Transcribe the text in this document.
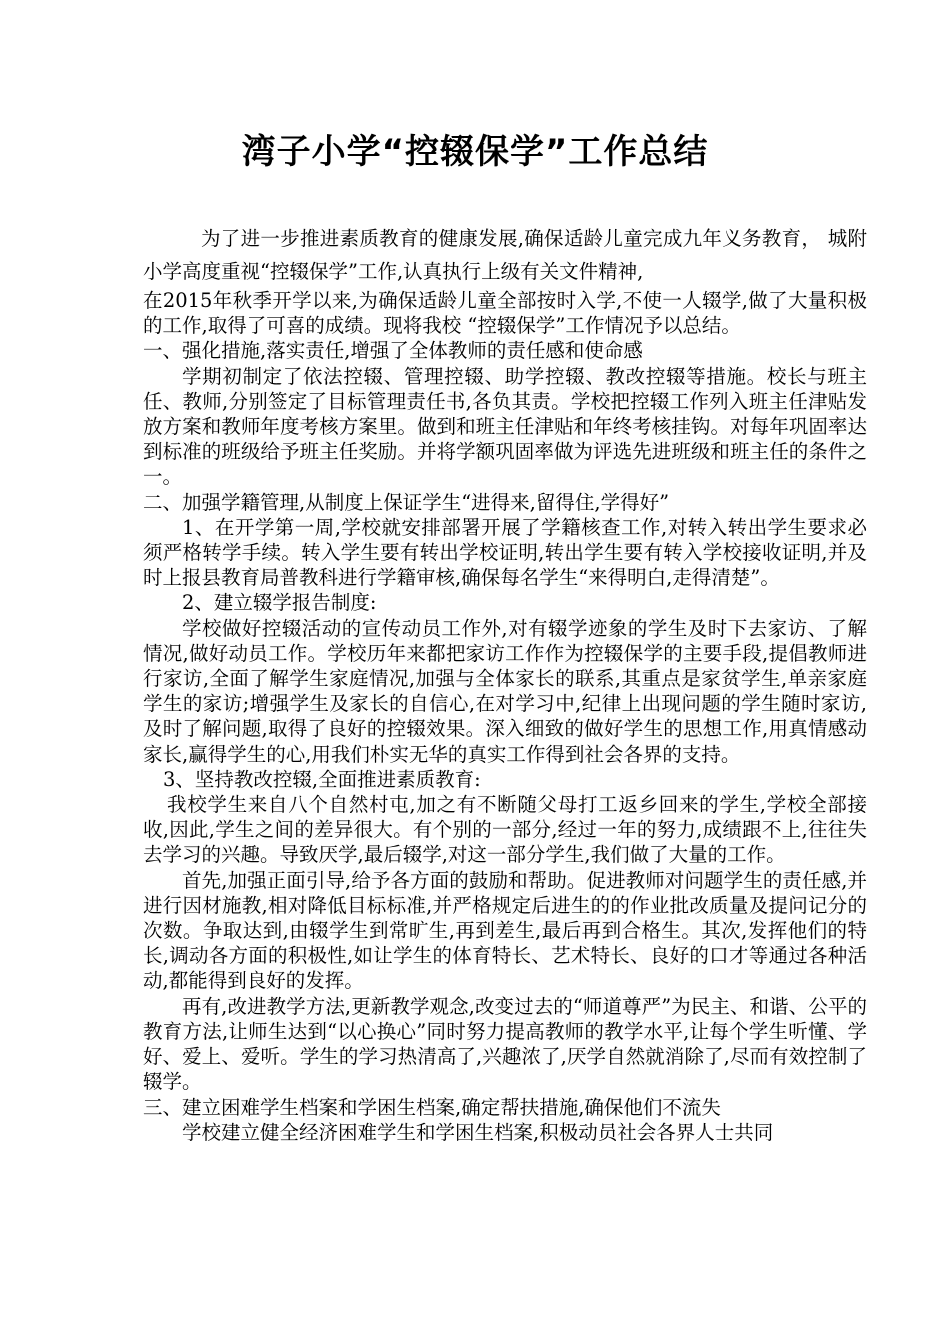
湾子小学“控辍保学”工作总结

为了进一步推进素质教育的健康发展,确保适龄儿童完成九年义务教育， 城附小学高度重视“控辍保学”工作,认真执行上级有关文件精神,

在2015年秋季开学以来,为确保适龄儿童全部按时入学,不使一人辍学,做了大量积极的工作,取得了可喜的成绩。现将我校 “控辍保学”工作情况予以总结。

一、强化措施,落实责任,增强了全体教师的责任感和使命感

学期初制定了依法控辍、管理控辍、助学控辍、教改控辍等措施。校长与班主任、教师,分别签定了目标管理责任书,各负其责。学校把控辍工作列入班主任津贴发放方案和教师年度考核方案里。做到和班主任津贴和年终考核挂钩。对每年巩固率达到标准的班级给予班主任奖励。并将学额巩固率做为评选先进班级和班主任的条件之一。

二、加强学籍管理,从制度上保证学生“进得来,留得住,学得好”

1、在开学第一周,学校就安排部署开展了学籍核查工作,对转入转出学生要求必须严格转学手续。转入学生要有转出学校证明,转出学生要有转入学校接收证明,并及时上报县教育局普教科进行学籍审核,确保每名学生“来得明白,走得清楚”。

2、建立辍学报告制度:

学校做好控辍活动的宣传动员工作外,对有辍学迹象的学生及时下去家访、了解情况,做好动员工作。学校历年来都把家访工作作为控辍保学的主要手段,提倡教师进行家访,全面了解学生家庭情况,加强与全体家长的联系,其重点是家贫学生,单亲家庭学生的家访;增强学生及家长的自信心,在对学习中,纪律上出现问题的学生随时家访,及时了解问题,取得了良好的控辍效果。深入细致的做好学生的思想工作,用真情感动家长,赢得学生的心,用我们朴实无华的真实工作得到社会各界的支持。

3、坚持教改控辍,全面推进素质教育:

我校学生来自八个自然村屯,加之有不断随父母打工返乡回来的学生,学校全部接收,因此,学生之间的差异很大。有个别的一部分,经过一年的努力,成绩跟不上,往往失去学习的兴趣。导致厌学,最后辍学,对这一部分学生,我们做了大量的工作。

首先,加强正面引导,给予各方面的鼓励和帮助。促进教师对问题学生的责任感,并进行因材施教,相对降低目标标准,并严格规定后进生的的作业批改质量及提问记分的次数。争取达到,由辍学生到常旷生,再到差生,最后再到合格生。其次,发挥他们的特长,调动各方面的积极性,如让学生的体育特长、艺术特长、良好的口才等通过各种活动,都能得到良好的发挥。

再有,改进教学方法,更新教学观念,改变过去的“师道尊严”为民主、和谐、公平的教育方法,让师生达到“以心换心”同时努力提高教师的教学水平,让每个学生听懂、学好、爱上、爱听。学生的学习热清高了,兴趣浓了,厌学自然就消除了,尽而有效控制了辍学。

三、建立困难学生档案和学困生档案,确定帮扶措施,确保他们不流失

学校建立健全经济困难学生和学困生档案,积极动员社会各界人士共同
